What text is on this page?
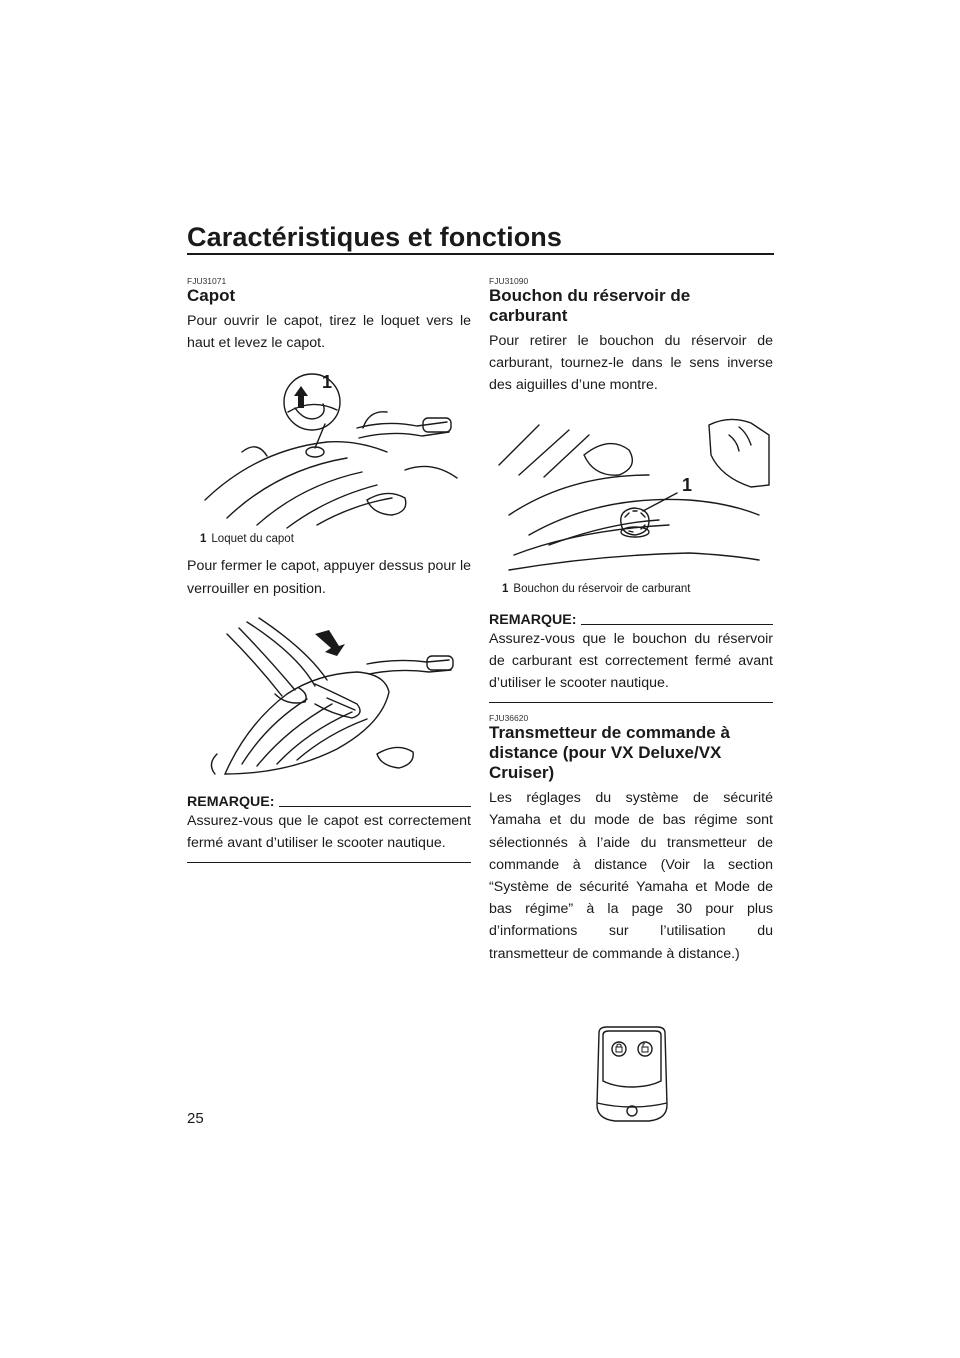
Caractéristiques et fonctions
FJU31071
Capot

Pour ouvrir le capot, tirez le loquet vers le haut et levez le capot.

1
1 Loquet du capot

Pour fermer le capot, appuyer dessus pour le verrouiller en position.

REMARQUE:

Assurez-vous que le capot est correctement fermé avant d’utiliser le scooter nautique.

FJU31090
Bouchon du réservoir de carburant

Pour retirer le bouchon du réservoir de carburant, tournez-le dans le sens inverse des aiguilles d’une montre.

1
1 Bouchon du réservoir de carburant
REMARQUE:

Assurez-vous que le bouchon du réservoir de carburant est correctement fermé avant d’utiliser le scooter nautique.

FJU36620
Transmetteur de commande à distance (pour VX Deluxe/VX Cruiser)

Les réglages du système de sécurité Yamaha et du mode de bas régime sont sélectionnés à l’aide du transmetteur de commande à distance (Voir la section “Système de sécurité Yamaha et Mode de bas régime” à la page 30 pour plus d’informations sur l’utilisation du transmetteur de commande à distance.)

25
